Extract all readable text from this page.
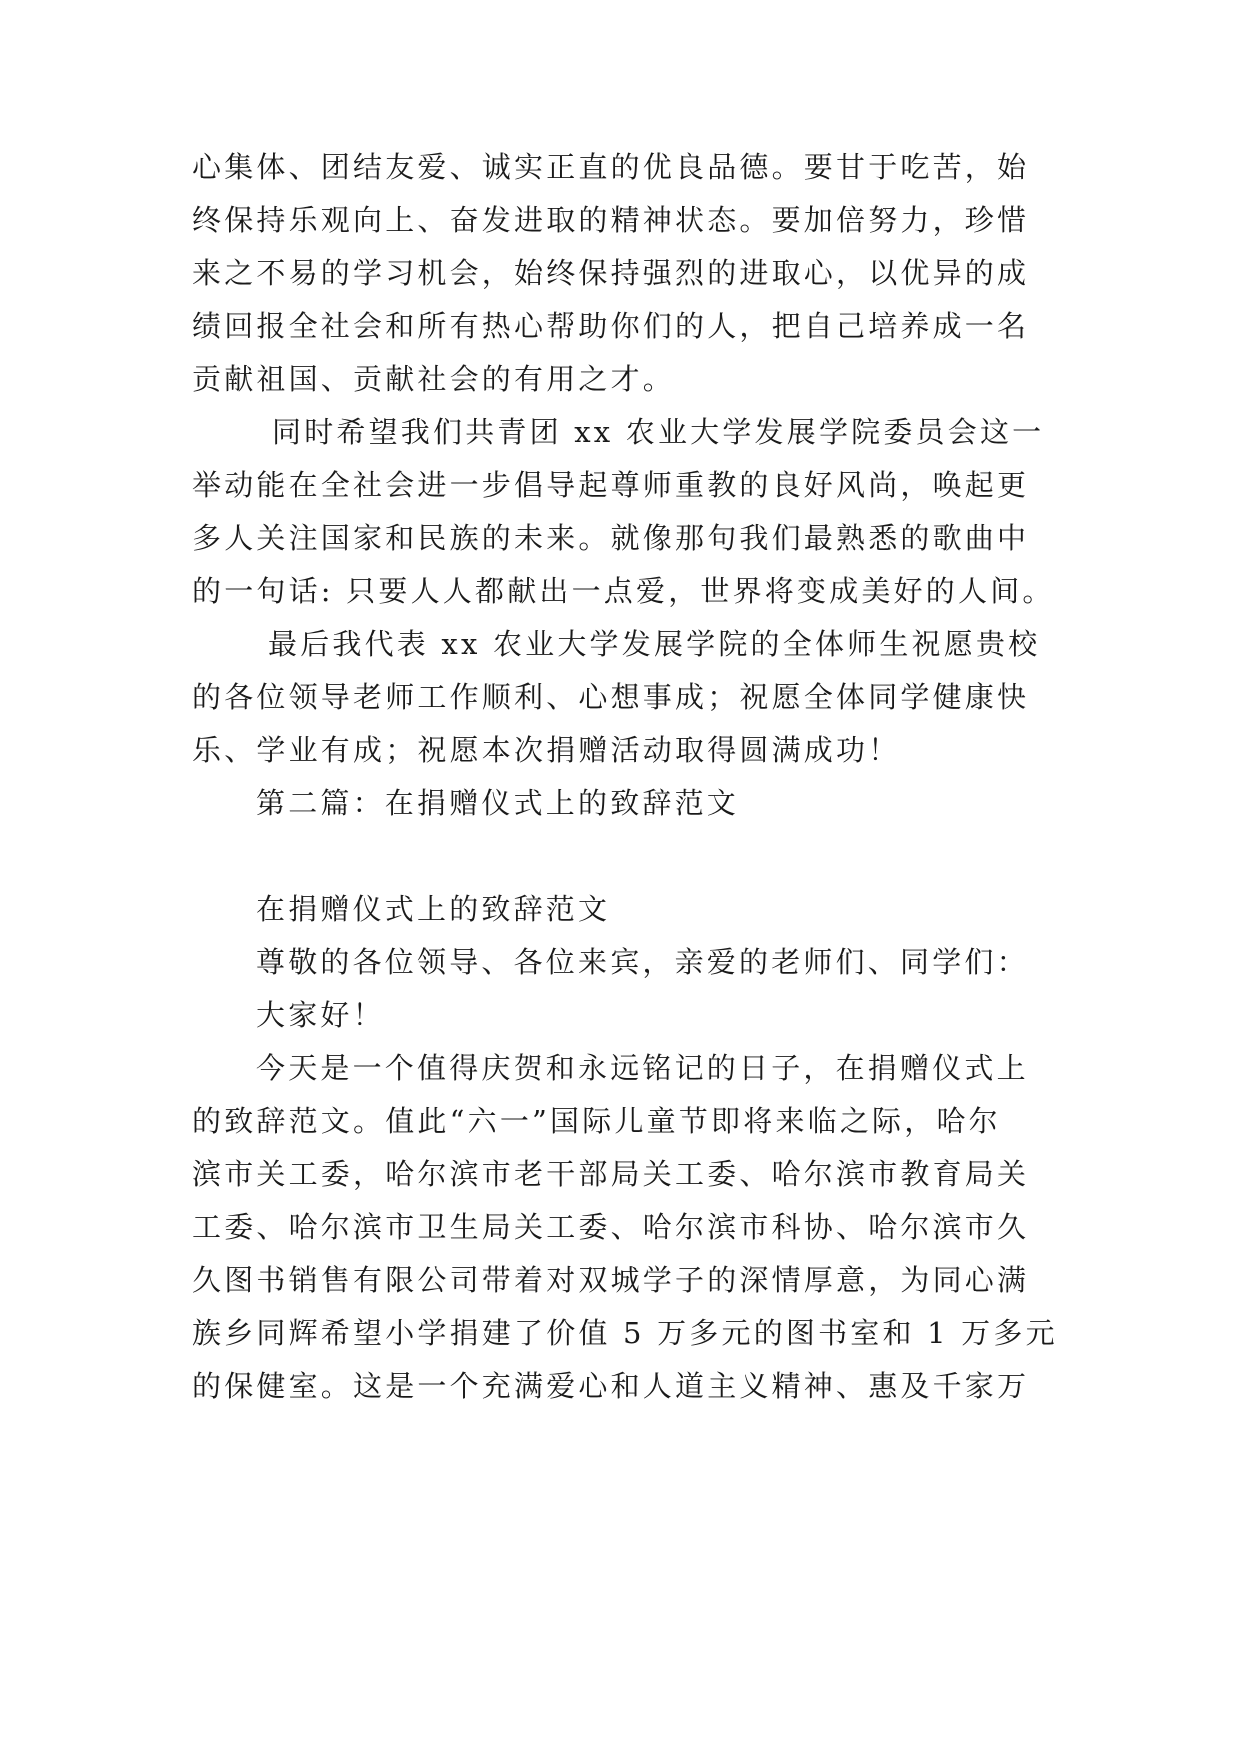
心集体、团结友爱、诚实正直的优良品德。要甘于吃苦，始
终保持乐观向上、奋发进取的精神状态。要加倍努力，珍惜
来之不易的学习机会，始终保持强烈的进取心，以优异的成
绩回报全社会和所有热心帮助你们的人，把自己培养成一名
贡献祖国、贡献社会的有用之才。
同时希望我们共青团 xx 农业大学发展学院委员会这一
举动能在全社会进一步倡导起尊师重教的良好风尚，唤起更
多人关注国家和民族的未来。就像那句我们最熟悉的歌曲中
的一句话: 只要人人都献出一点爱，世界将变成美好的人间。
最后我代表 xx 农业大学发展学院的全体师生祝愿贵校
的各位领导老师工作顺利、心想事成；祝愿全体同学健康快
乐、学业有成；祝愿本次捐赠活动取得圆满成功！
第二篇：在捐赠仪式上的致辞范文
在捐赠仪式上的致辞范文
尊敬的各位领导、各位来宾，亲爱的老师们、同学们：
大家好！
今天是一个值得庆贺和永远铭记的日子，在捐赠仪式上
的致辞范文。值此“六一”国际儿童节即将来临之际，哈尔
滨市关工委，哈尔滨市老干部局关工委、哈尔滨市教育局关
工委、哈尔滨市卫生局关工委、哈尔滨市科协、哈尔滨市久
久图书销售有限公司带着对双城学子的深情厚意，为同心满
族乡同辉希望小学捐建了价值 5 万多元的图书室和 1 万多元
的保健室。这是一个充满爱心和人道主义精神、惠及千家万
